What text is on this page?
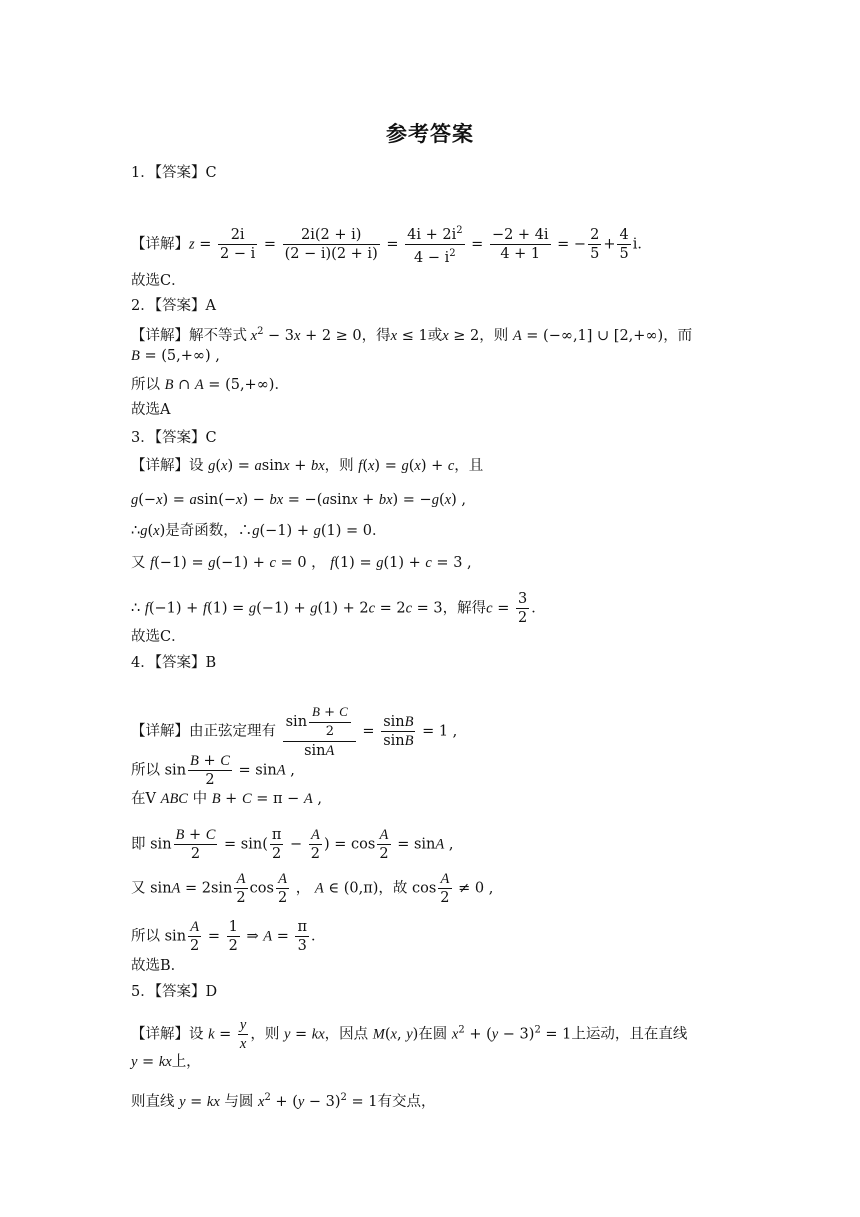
参考答案
1．【答案】C
【详解】$z = \frac{2i}{2 - i} = \frac{2i(2 + i)}{(2 - i)(2 + i)} = \frac{4i + 2i^2}{4 - i^2} = \frac{-2 + 4i}{4 + 1}$ = − $\frac{2}{5} + \frac{4}{5}$ i．
故选C．
2．【答案】A
【详解】解不等式 $x^2 - 3x + 2 \ge 0$，得x ≤ 1或x ≥ 2，则 A = (−∞,1] ∪ [2,+∞)，而
B = (5,+∞) ,
所以 B ∩ A = (5,+∞)．
故选A
3．【答案】C
【详解】设 g(x) = asinx + bx，则 f(x) = g(x) + c，且
g(−x) = asin(−x) − bx = −(asinx + bx) = −g(x) ,
∴g(x)是奇函数，∴g(−1) + g(1) = 0．
又 f(−1) = g(−1) + c = 0 ， f(1) = g(1) + c = 3 ,
∴ f(−1) + f(1) = g(−1) + g(1) + 2c = 2c = 3，解得$c = \frac{3}{2}$ ．
故选C．
4．【答案】B
【详解】由正弦定理有 $\frac{\sin \frac{B + C}{2}}{\sin A} = \frac{\sin B}{\sin B} = 1$ ,
所以 $\sin \frac{B + C}{2} = \sin A$ ,
在V ABC 中 B + C = π − A ,
即 $\sin \frac{B + C}{2} = \sin( \frac{\pi}{2} - \frac{A}{2}$ ) = $\cos \frac{A}{2} = \sin A$ ,
又 $\sin A = 2\sin \frac{A}{2}$ $\cos \frac{A}{2}$ ， A ∈ (0,π)，故 $\cos \frac{A}{2} \ne 0$ ,
所以 $\sin \frac{A}{2} = \frac{1}{2}$ ⇒ $A = \frac{\pi}{3}$ ．
故选B．
5．【答案】D
【详解】设 $k = \frac{y}{x}$ ，则 y = kx，因点 M(x, y)在圆 $x^2 + (y - 3)^2 = 1$上运动，且在直线
y = kx上，
则直线 y = kx 与圆 $x^2 + (y - 3)^2 = 1$有交点，
